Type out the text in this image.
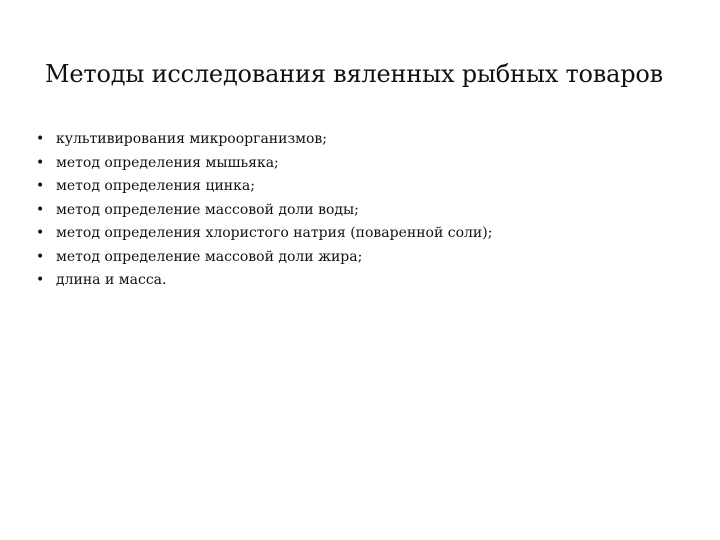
Методы исследования вяленных рыбных товаров
• культивирования микроорганизмов;
• метод определения мышьяка;
• метод определения цинка;
• метод определение массовой доли воды;
• метод определения хлористого натрия (поваренной соли);
• метод определение массовой доли жира;
• длина и масса.
